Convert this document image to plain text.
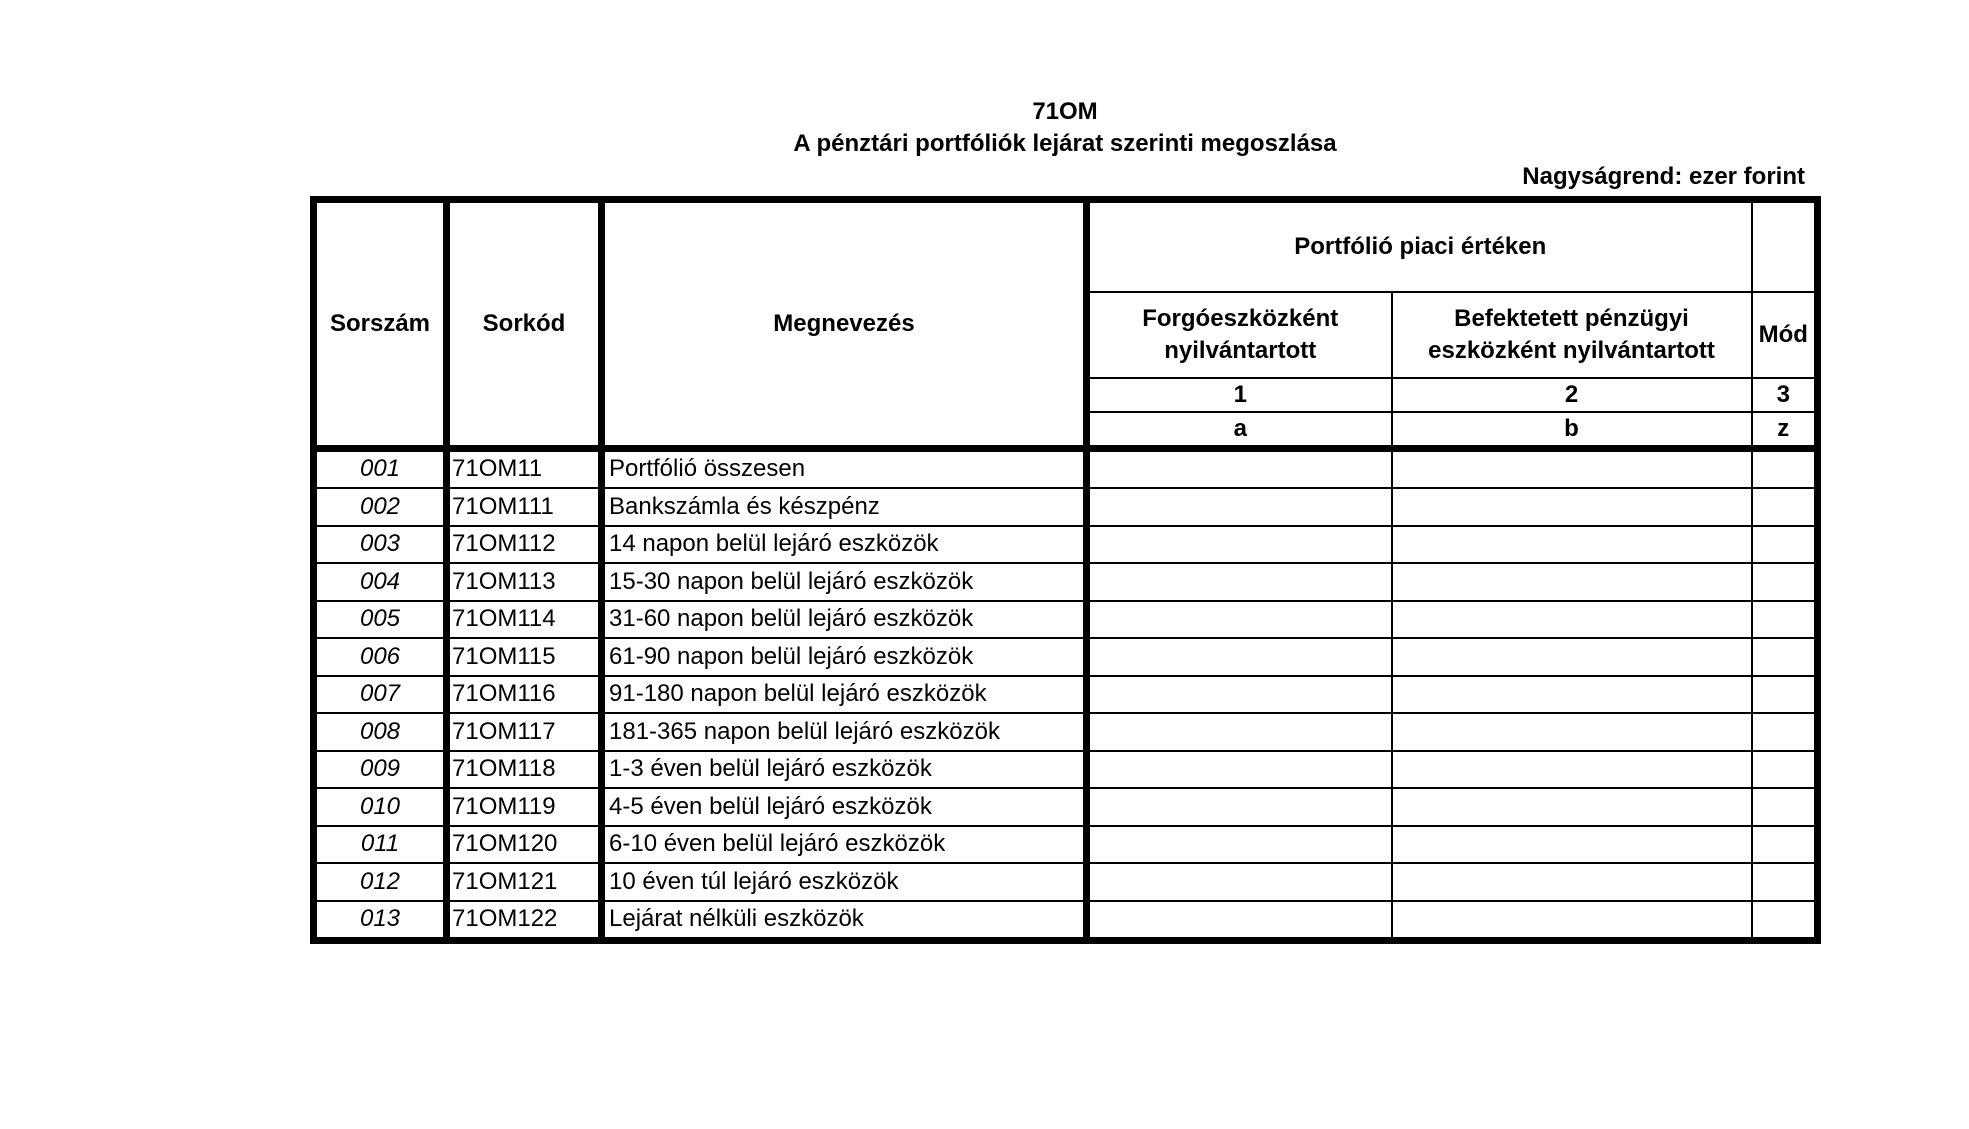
71OM
A pénztári portfóliók lejárat szerinti megoszlása
Nagyságrend: ezer forint
Sorszám	Sorkód	Megnevezés	Portfólió piaci értéken		
			Forgóeszközként nyilvántartott	Befektetett pénzügyi eszközként nyilvántartott	Mód
			1	2	3
			a	b	z
001	71OM11	Portfólió összesen			
002	71OM111	Bankszámla és készpénz			
003	71OM112	14 napon belül lejáró eszközök			
004	71OM113	15-30 napon belül lejáró eszközök			
005	71OM114	31-60 napon belül lejáró eszközök			
006	71OM115	61-90 napon belül lejáró eszközök			
007	71OM116	91-180 napon belül lejáró eszközök			
008	71OM117	181-365 napon belül lejáró eszközök			
009	71OM118	1-3 éven belül lejáró eszközök			
010	71OM119	4-5 éven belül lejáró eszközök			
011	71OM120	6-10 éven belül lejáró eszközök			
012	71OM121	10 éven túl lejáró eszközök			
013	71OM122	Lejárat nélküli eszközök			
